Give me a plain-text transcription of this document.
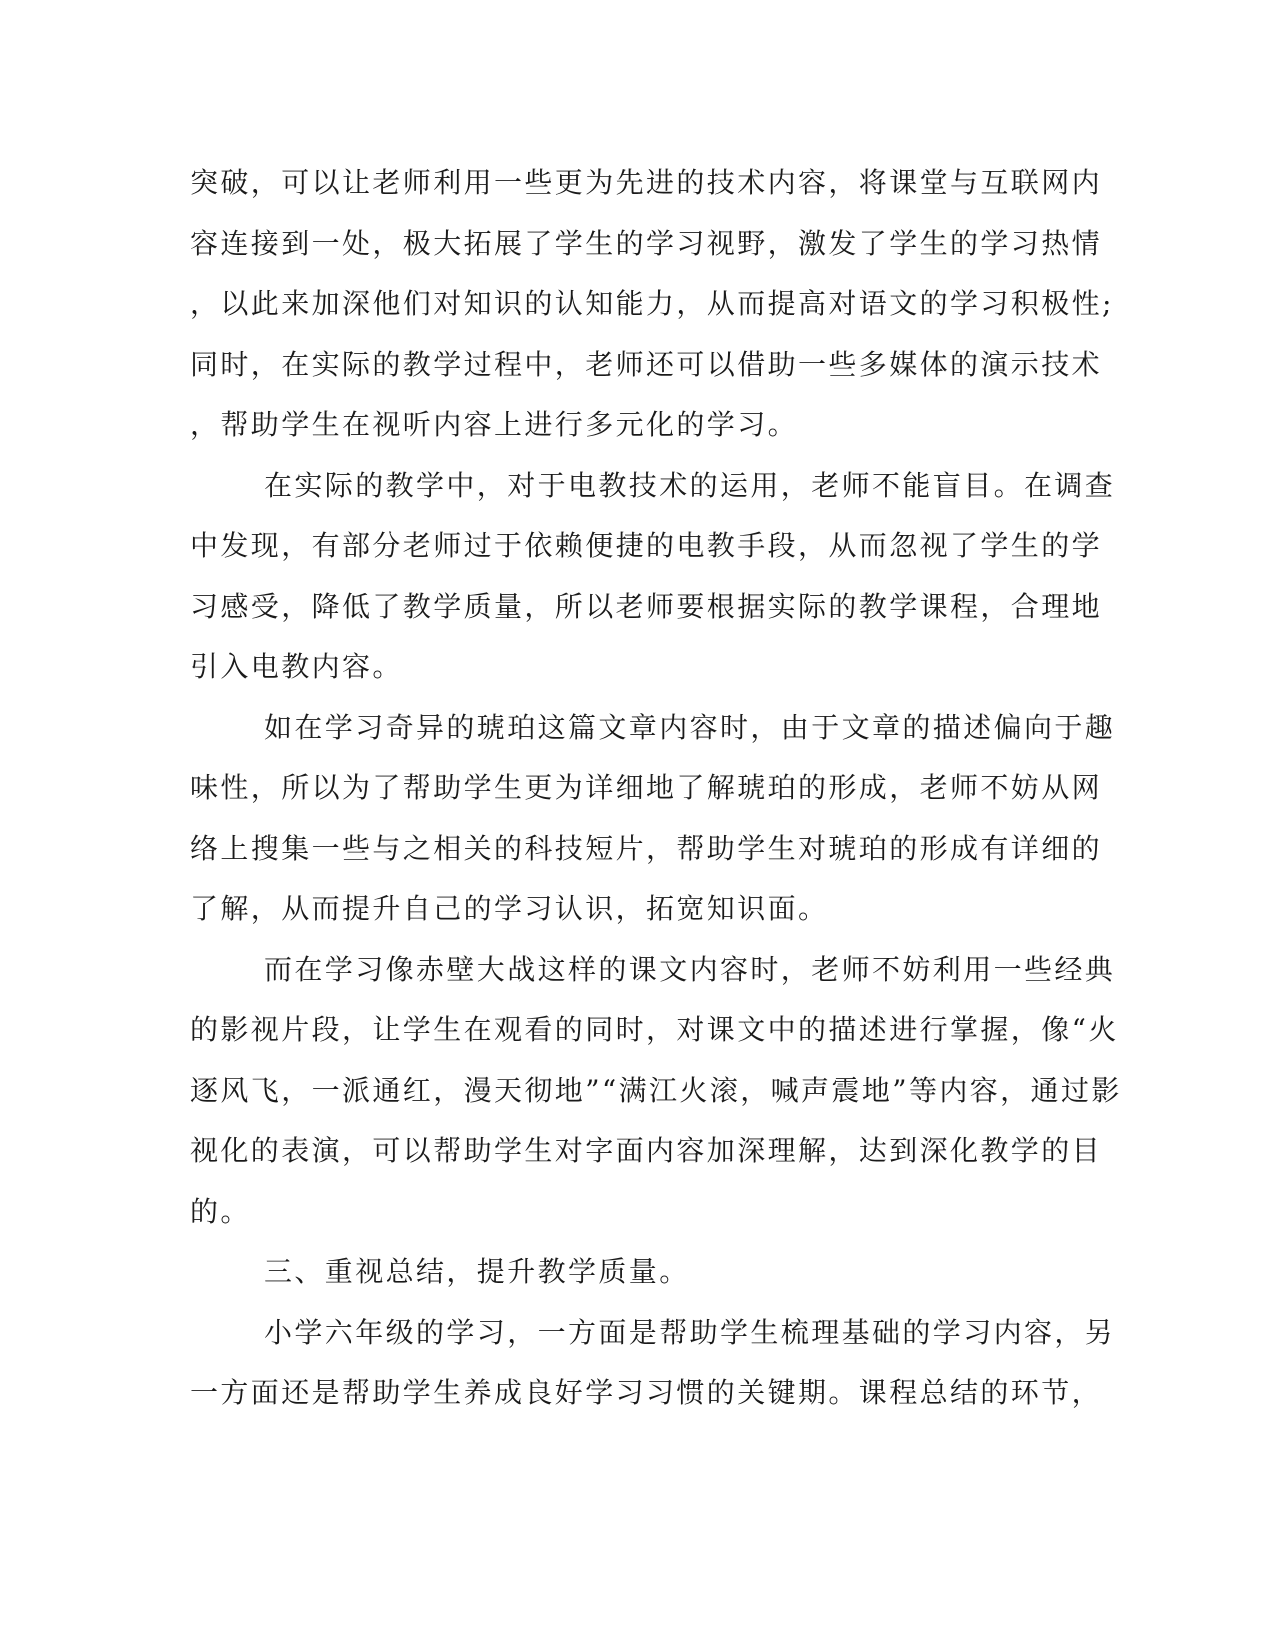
突破，可以让老师利用一些更为先进的技术内容，将课堂与互联网内
容连接到一处，极大拓展了学生的学习视野，激发了学生的学习热情
，以此来加深他们对知识的认知能力，从而提高对语文的学习积极性;
同时，在实际的教学过程中，老师还可以借助一些多媒体的演示技术
，帮助学生在视听内容上进行多元化的学习。
在实际的教学中，对于电教技术的运用，老师不能盲目。在调查
中发现，有部分老师过于依赖便捷的电教手段，从而忽视了学生的学
习感受，降低了教学质量，所以老师要根据实际的教学课程，合理地
引入电教内容。
如在学习奇异的琥珀这篇文章内容时，由于文章的描述偏向于趣
味性，所以为了帮助学生更为详细地了解琥珀的形成，老师不妨从网
络上搜集一些与之相关的科技短片，帮助学生对琥珀的形成有详细的
了解，从而提升自己的学习认识，拓宽知识面。
而在学习像赤壁大战这样的课文内容时，老师不妨利用一些经典
的影视片段，让学生在观看的同时，对课文中的描述进行掌握，像“火
逐风飞，一派通红，漫天彻地”“满江火滚，喊声震地”等内容，通过影
视化的表演，可以帮助学生对字面内容加深理解，达到深化教学的目
的。
三、重视总结，提升教学质量。
小学六年级的学习，一方面是帮助学生梳理基础的学习内容，另
一方面还是帮助学生养成良好学习习惯的关键期。课程总结的环节，
